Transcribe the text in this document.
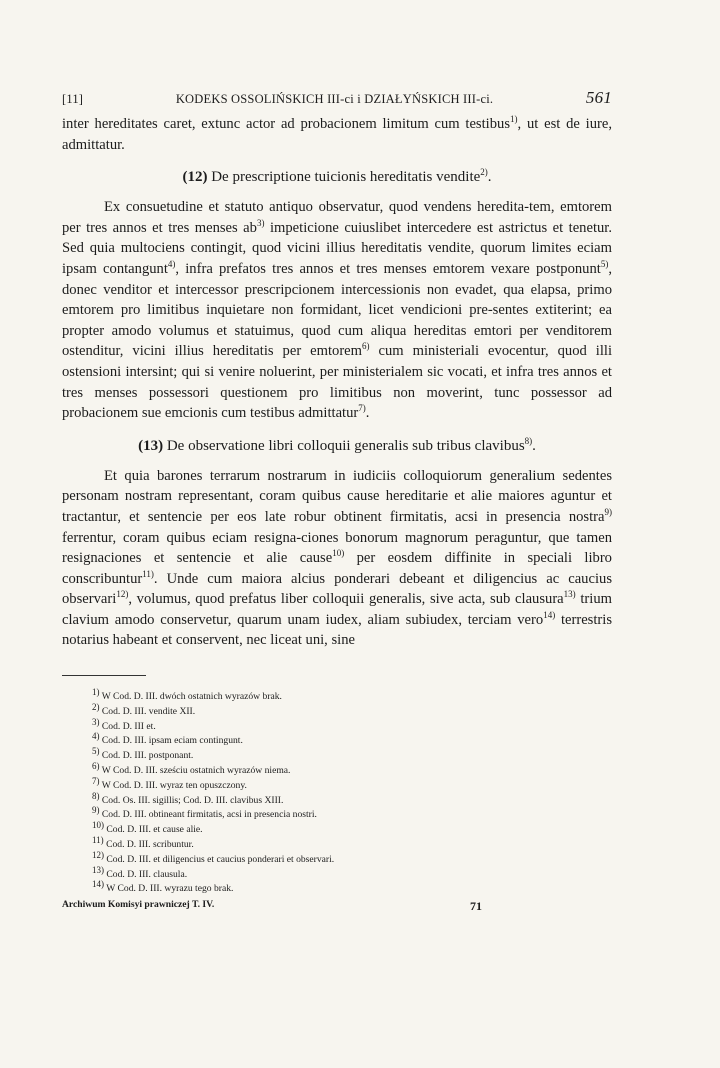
[11]	KODEKS OSSOLIŃSKICH III-ci i DZIAŁYŃSKICH III-ci.	561

inter hereditates caret, extunc actor ad probacionem limitum cum testibus$^{1)}$, ut est de iure, admittatur.

(12) De prescriptione tuicionis hereditatis vendite$^{2)}$.

Ex consuetudine et statuto antiquo observatur, quod vendens heredita-tem, emtorem per tres annos et tres menses $ab^{3)}$ impeticione cuiuslibet intercedere est astrictus et tenetur. Sed quia multociens contingit, quod vicini illius hereditatis vendite, quorum limites eciam ipsam contangunt$^{4)}$, infra prefatos tres annos et tres menses emtorem vexare postponunt$^{5)}$, donec venditor et intercessor prescripcionem intercessionis non evadet, qua elapsa, primo emtorem pro limitibus inquietare non formidant, licet vendicioni pre-sentes extiterint; ea propter amodo volumus et statuimus, quod cum aliqua hereditas emtori per venditorem ostenditur, vicini illius hereditatis per emtorem$^{6)}$ cum ministeriali evocentur, quod illi ostensioni intersint; qui si venire noluerint, per ministerialem sic vocati, et infra tres annos et tres menses possessori questionem pro limitibus non moverint, tunc possessor ad probacionem sue emcionis cum testibus admittatur$^{7)}$.

(13) De observatione libri colloquii generalis sub tribus clavibus$^{8)}$.

Et quia barones terrarum nostrarum in iudiciis colloquiorum generalium sedentes personam nostram representant, coram quibus cause hereditarie et alie maiores aguntur et tractantur, et sentencie per eos late robur obtinent firmitatis, acsi in presencia nostra$^{9)}$ ferrentur, coram quibus eciam resigna-ciones bonorum magnorum peraguntur, que tamen resignaciones et sentencie et alie cause$^{10)}$ per eosdem diffinite in speciali libro conscribuntur$^{11)}$. Unde cum maiora alcius ponderari debeant et diligencius ac caucius observari$^{12)}$, volumus, quod prefatus liber colloquii generalis, sive acta, sub clausura$^{13)}$ trium clavium amodo conservetur, quarum unam iudex, aliam subiudex, terciam vero$^{14)}$ terrestris notarius habeant et conservent, nec liceat uni, sine

$^{1)}$ W Cod. D. III. dwóch ostatnich wyrazów brak.
$^{2)}$ Cod. D. III. vendite XII.
$^{3)}$ Cod. D. III et.
$^{4)}$ Cod. D. III. ipsam eciam contingunt.
$^{5)}$ Cod. D. III. postponant.
$^{6)}$ W Cod. D. III. sześciu ostatnich wyrazów niema.
$^{7)}$ W Cod. D. III. wyraz ten opuszczony.
$^{8)}$ Cod. Os. III. sigillis; Cod. D. III. clavibus XIII.
$^{9)}$ Cod. D. III. obtineant firmitatis, acsi in presencia nostri.
$^{10)}$ Cod. D. III. et cause alie.
$^{11)}$ Cod. D. III. scribuntur.
$^{12)}$ Cod. D. III. et diligencius et caucius ponderari et observari.
$^{13)}$ Cod. D. III. clausula.
$^{14)}$ W Cod. D. III. wyrazu tego brak.
Archiwum Komisyi prawniczej T. IV.	71
